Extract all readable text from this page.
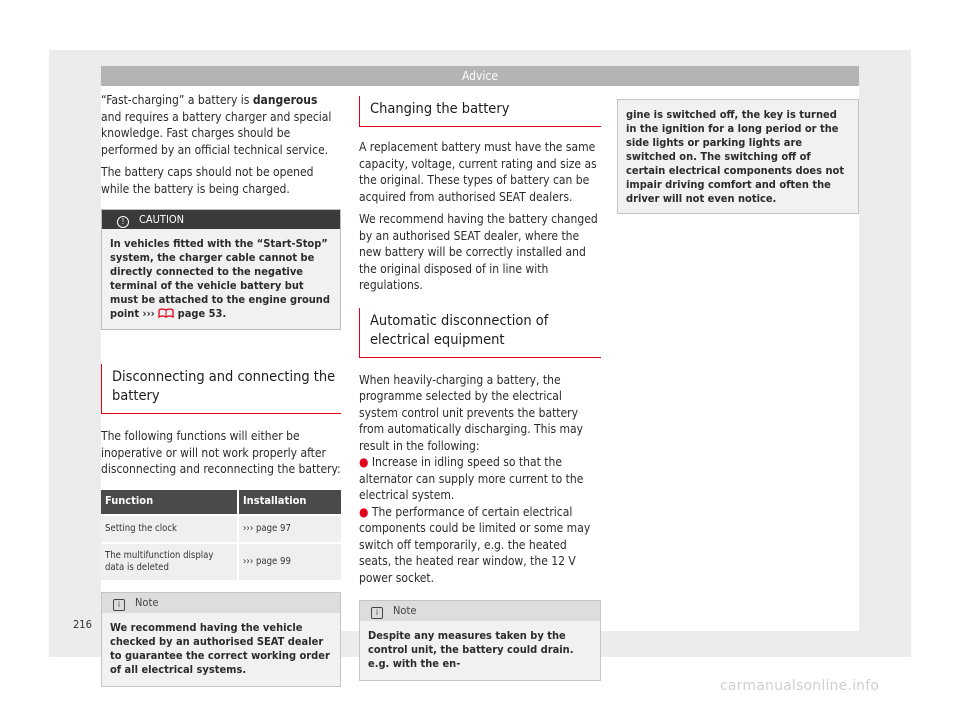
Advice

“Fast-charging” a battery is dangerous and requires a battery charger and special knowledge. Fast charges should be performed by an official technical service.

The battery caps should not be opened while the battery is being charged.

! CAUTION
In vehicles fitted with the “Start-Stop” system, the charger cable cannot be directly connected to the negative terminal of the vehicle battery but must be attached to the engine ground point ››› page 53.
Disconnecting and connecting the battery

The following functions will either be inoperative or will not work properly after disconnecting and reconnecting the battery:

Function	Installation
Setting the clock	››› page 97
The multifunction display data is deleted	››› page 99
i Note
We recommend having the vehicle checked by an authorised SEAT dealer to guarantee the correct working order of all electrical systems.
Changing the battery

A replacement battery must have the same capacity, voltage, current rating and size as the original. These types of battery can be acquired from authorised SEAT dealers.

We recommend having the battery changed by an authorised SEAT dealer, where the new battery will be correctly installed and the original disposed of in line with regulations.

Automatic disconnection of electrical equipment

When heavily-charging a battery, the programme selected by the electrical system control unit prevents the battery from automatically discharging. This may result in the following:

● Increase in idling speed so that the alternator can supply more current to the electrical system.

● The performance of certain electrical components could be limited or some may switch off temporarily, e.g. the heated seats, the heated rear window, the 12 V power socket.

i Note
Despite any measures taken by the control unit, the battery could drain. e.g. with the en-
gine is switched off, the key is turned in the ignition for a long period or the side lights or parking lights are switched on. The switching off of certain electrical components does not impair driving comfort and often the driver will not even notice.
216
carmanualsonline.info
